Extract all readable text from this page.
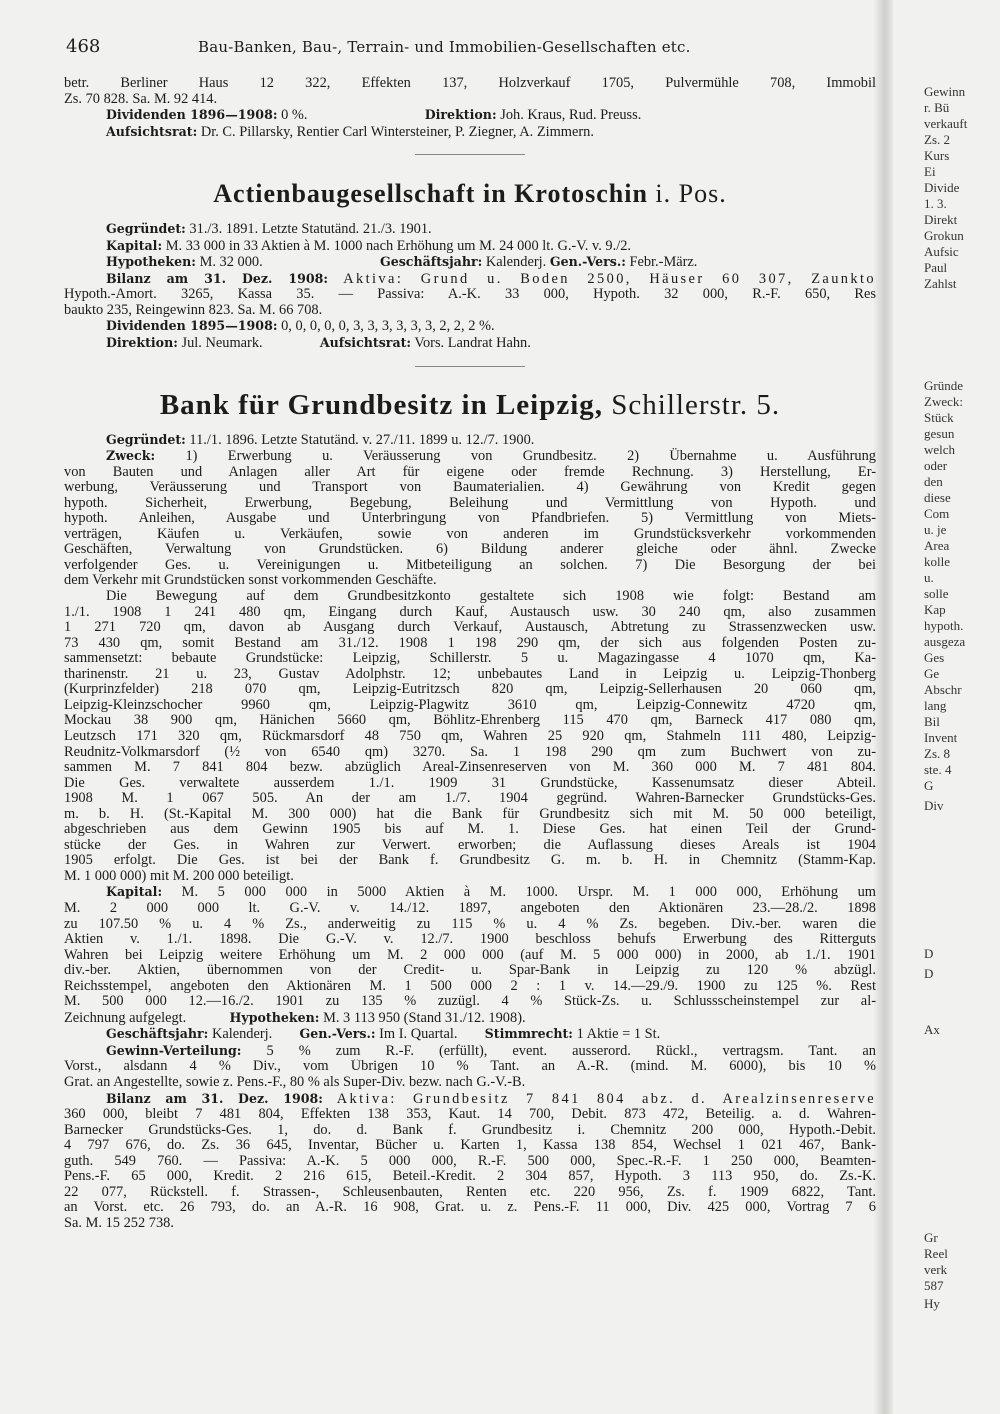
468	Bau-Banken, Bau-, Terrain- und Immobilien-Gesellschaften etc.
betr. Berliner Haus 12 322, Effekten 137, Holzverkauf 1705, Pulvermühle 708, Immobil
Zs. 70 828. Sa. M. 92 414.
Dividenden 1896—1908: 0 %.	Direktion: Joh. Kraus, Rud. Preuss.
Aufsichtsrat: Dr. C. Pillarsky, Rentier Carl Wintersteiner, P. Ziegner, A. Zimmern.
Actienbaugesellschaft in Krotoschin i. Pos.
Gegründet: 31./3. 1891. Letzte Statutänd. 21./3. 1901.
Kapital: M. 33 000 in 33 Aktien à M. 1000 nach Erhöhung um M. 24 000 lt. G.-V. v. 9./2.
Hypotheken: M. 32 000.	Geschäftsjahr: Kalenderj. Gen.-Vers.: Febr.-März.
Bilanz am 31. Dez. 1908: Aktiva: Grund u. Boden 2500, Häuser 60 307, Zaunkto
Hypoth.-Amort. 3265, Kassa 35. — Passiva: A.-K. 33 000, Hypoth. 32 000, R.-F. 650, Res
baukto 235, Reingewinn 823. Sa. M. 66 708.
Dividenden 1895—1908: 0, 0, 0, 0, 0, 3, 3, 3, 3, 3, 3, 2, 2, 2 %.
Direktion: Jul. Neumark.	Aufsichtsrat: Vors. Landrat Hahn.
Bank für Grundbesitz in Leipzig, Schillerstr. 5.
Gegründet: 11./1. 1896. Letzte Statutänd. v. 27./11. 1899 u. 12./7. 1900.
Zweck: 1) Erwerbung u. Veräusserung von Grundbesitz. 2) Übernahme u. Ausführung
von Bauten und Anlagen aller Art für eigene oder fremde Rechnung. 3) Herstellung, Er-
werbung, Veräusserung und Transport von Baumaterialien. 4) Gewährung von Kredit gegen
hypoth. Sicherheit, Erwerbung, Begebung, Beleihung und Vermittlung von Hypoth. und
hypoth. Anleihen, Ausgabe und Unterbringung von Pfandbriefen. 5) Vermittlung von Miets-
verträgen, Käufen u. Verkäufen, sowie von anderen im Grundstücksverkehr vorkommenden
Geschäften, Verwaltung von Grundstücken. 6) Bildung anderer gleiche oder ähnl. Zwecke
verfolgender Ges. u. Vereinigungen u. Mitbeteiligung an solchen. 7) Die Besorgung der bei
dem Verkehr mit Grundstücken sonst vorkommenden Geschäfte.
Die Bewegung auf dem Grundbesitzkonto gestaltete sich 1908 wie folgt: Bestand am
1./1. 1908 1 241 480 qm, Eingang durch Kauf, Austausch usw. 30 240 qm, also zusammen
1 271 720 qm, davon ab Ausgang durch Verkauf, Austausch, Abtretung zu Strassenzwecken usw.
73 430 qm, somit Bestand am 31./12. 1908 1 198 290 qm, der sich aus folgenden Posten zu-
sammensetzt: bebaute Grundstücke: Leipzig, Schillerstr. 5 u. Magazingasse 4 1070 qm, Ka-
tharinenstr. 21 u. 23, Gustav Adolphstr. 12; unbebautes Land in Leipzig u. Leipzig-Thonberg
(Kurprinzfelder) 218 070 qm, Leipzig-Eutritzsch 820 qm, Leipzig-Sellerhausen 20 060 qm,
Leipzig-Kleinzschocher 9960 qm, Leipzig-Plagwitz 3610 qm, Leipzig-Connewitz 4720 qm,
Mockau 38 900 qm, Hänichen 5660 qm, Böhlitz-Ehrenberg 115 470 qm, Barneck 417 080 qm,
Leutzsch 171 320 qm, Rückmarsdorf 48 750 qm, Wahren 25 920 qm, Stahmeln 111 480, Leipzig-
Reudnitz-Volkmarsdorf (½ von 6540 qm) 3270. Sa. 1 198 290 qm zum Buchwert von zu-
sammen M. 7 841 804 bezw. abzüglich Areal-Zinsenreserven von M. 360 000 M. 7 481 804.
Die Ges. verwaltete ausserdem 1./1. 1909 31 Grundstücke, Kassenumsatz dieser Abteil.
1908 M. 1 067 505. An der am 1./7. 1904 gegründ. Wahren-Barnecker Grundstücks-Ges.
m. b. H. (St.-Kapital M. 300 000) hat die Bank für Grundbesitz sich mit M. 50 000 beteiligt,
abgeschrieben aus dem Gewinn 1905 bis auf M. 1. Diese Ges. hat einen Teil der Grund-
stücke der Ges. in Wahren zur Verwert. erworben; die Auflassung dieses Areals ist 1904
1905 erfolgt. Die Ges. ist bei der Bank f. Grundbesitz G. m. b. H. in Chemnitz (Stamm-Kap.
M. 1 000 000) mit M. 200 000 beteiligt.
Kapital: M. 5 000 000 in 5000 Aktien à M. 1000. Urspr. M. 1 000 000, Erhöhung um
M. 2 000 000 lt. G.-V. v. 14./12. 1897, angeboten den Aktionären 23.—28./2. 1898
zu 107.50 % u. 4 % Zs., anderweitig zu 115 % u. 4 % Zs. begeben. Div.-ber. waren die
Aktien v. 1./1. 1898. Die G.-V. v. 12./7. 1900 beschloss behufs Erwerbung des Ritterguts
Wahren bei Leipzig weitere Erhöhung um M. 2 000 000 (auf M. 5 000 000) in 2000, ab 1./1. 1901
div.-ber. Aktien, übernommen von der Credit- u. Spar-Bank in Leipzig zu 120 % abzügl.
Reichsstempel, angeboten den Aktionären M. 1 500 000 2 : 1 v. 14.—29./9. 1900 zu 125 %. Rest
M. 500 000 12.—16./2. 1901 zu 135 % zuzügl. 4 % Stück-Zs. u. Schlussscheinstempel zur al-
Zeichnung aufgelegt.	Hypotheken: M. 3 113 950 (Stand 31./12. 1908).
Geschäftsjahr: Kalenderj. Gen.-Vers.: Im I. Quartal. Stimmrecht: 1 Aktie = 1 St.
Gewinn-Verteilung: 5 % zum R.-F. (erfüllt), event. ausserord. Rückl., vertragsm. Tant. an
Vorst., alsdann 4 % Div., vom Übrigen 10 % Tant. an A.-R. (mind. M. 6000), bis 10 %
Grat. an Angestellte, sowie z. Pens.-F., 80 % als Super-Div. bezw. nach G.-V.-B.
Bilanz am 31. Dez. 1908: Aktiva: Grundbesitz 7 841 804 abz. d. Arealzinsenreserve
360 000, bleibt 7 481 804, Effekten 138 353, Kaut. 14 700, Debit. 873 472, Beteilig. a. d. Wahren-
Barnecker Grundstücks-Ges. 1, do. d. Bank f. Grundbesitz i. Chemnitz 200 000, Hypoth.-Debit.
4 797 676, do. Zs. 36 645, Inventar, Bücher u. Karten 1, Kassa 138 854, Wechsel 1 021 467, Bank-
guth. 549 760. — Passiva: A.-K. 5 000 000, R.-F. 500 000, Spec.-R.-F. 1 250 000, Beamten-
Pens.-F. 65 000, Kredit. 2 216 615, Beteil.-Kredit. 2 304 857, Hypoth. 3 113 950, do. Zs.-K.
22 077, Rückstell. f. Strassen-, Schleusenbauten, Renten etc. 220 956, Zs. f. 1909 6822, Tant.
an Vorst. etc. 26 793, do. an A.-R. 16 908, Grat. u. z. Pens.-F. 11 000, Div. 425 000, Vortrag 7 6
Sa. M. 15 252 738.
Gewinn
r. Bü
verkauft
Zs. 2
Kurs
Ei
Divide
1. 3.
Direkt
Grokun
Aufsic
Paul
Zahlst
Gründe
Zweck:
Stück
gesun
welch
oder
den
diese
Com
u. je
Area
kolle
u.
solle
Kap
hypoth.
ausgeza
Ges
Ge
Abschr
lang
Bil
Invent
Zs. 8
ste. 4
G
Div
D
D
Ax
Gr
Reel
verk
587
Hy
